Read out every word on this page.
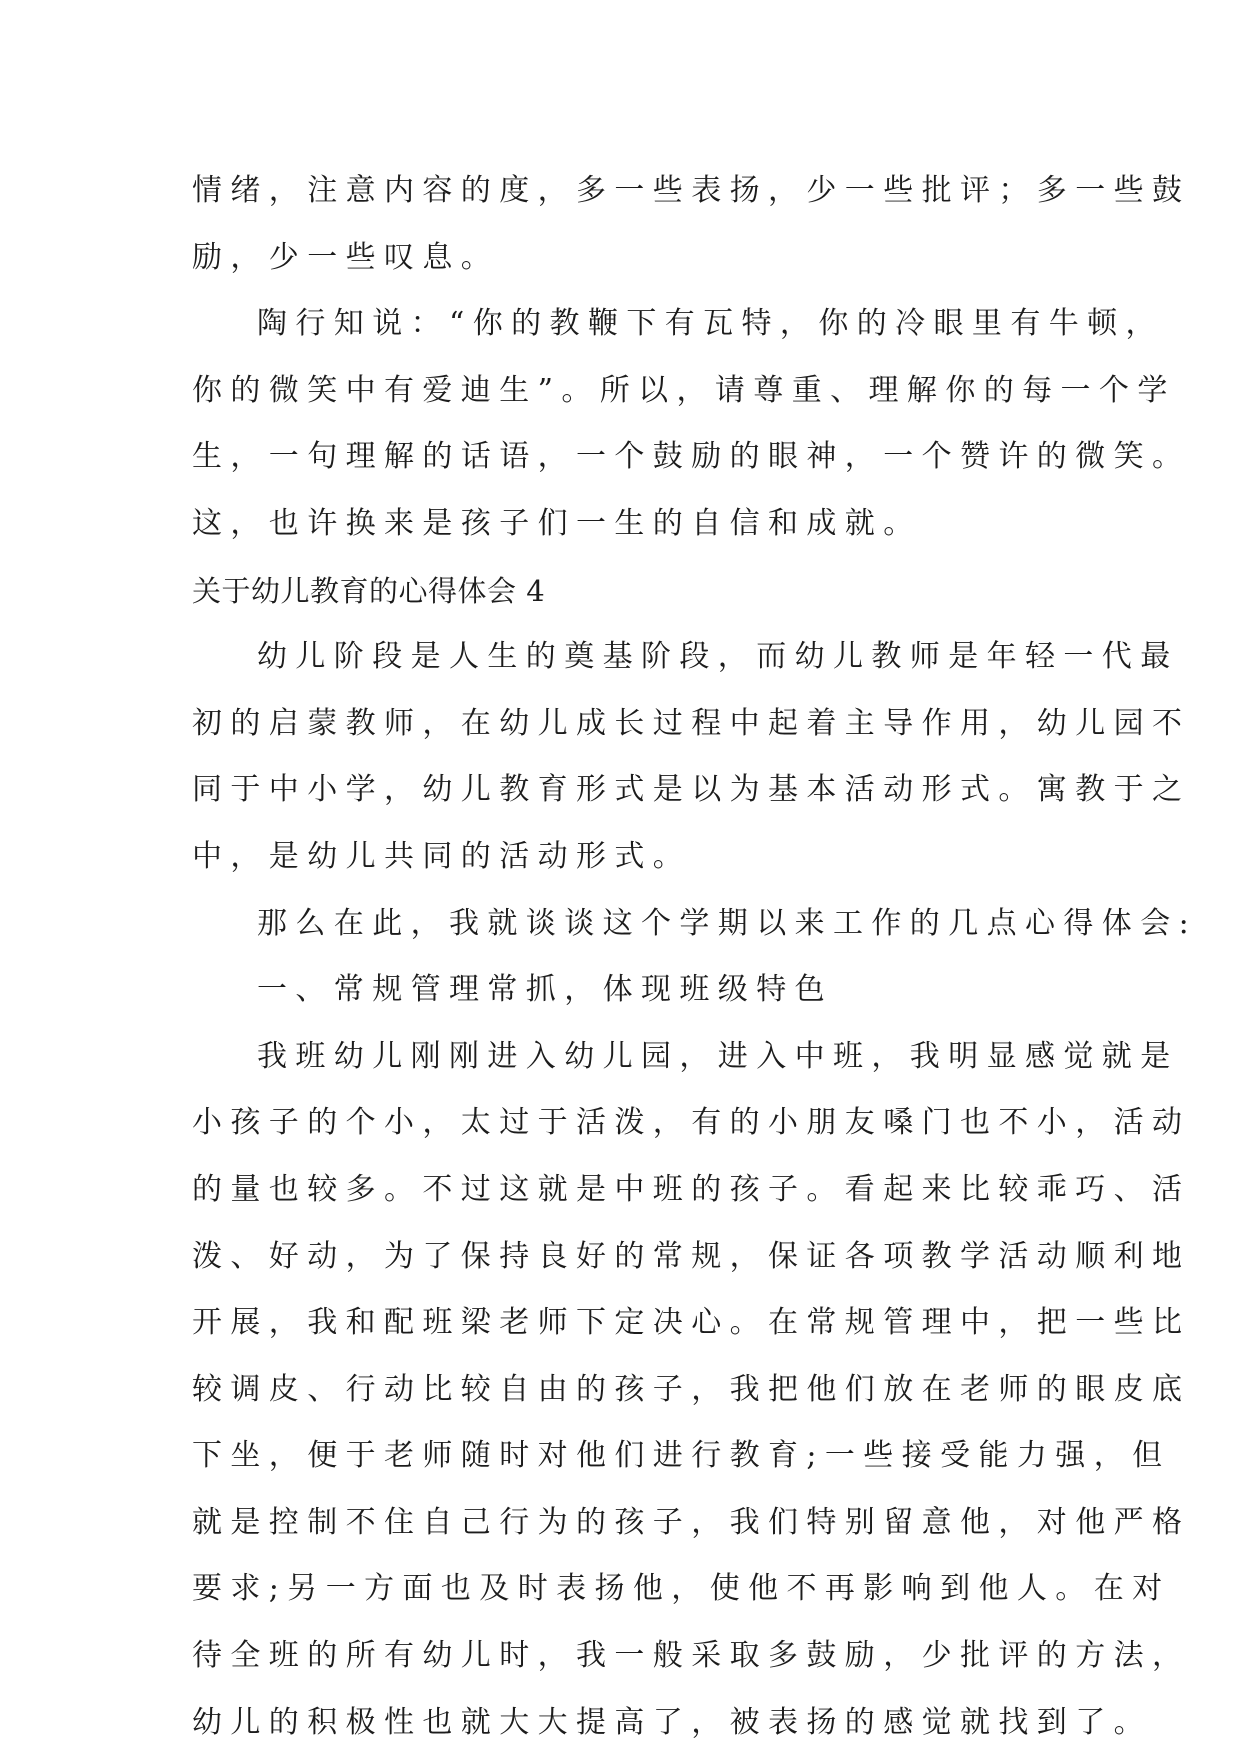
情绪，注意内容的度，多一些表扬，少一些批评；多一些鼓
励，少一些叹息。
陶行知说：“你的教鞭下有瓦特，你的冷眼里有牛顿，
你的微笑中有爱迪生”。所以，请尊重、理解你的每一个学
生，一句理解的话语，一个鼓励的眼神，一个赞许的微笑。
这，也许换来是孩子们一生的自信和成就。
关于幼儿教育的心得体会 4
幼儿阶段是人生的奠基阶段，而幼儿教师是年轻一代最
初的启蒙教师，在幼儿成长过程中起着主导作用，幼儿园不
同于中小学，幼儿教育形式是以为基本活动形式。寓教于之
中，是幼儿共同的活动形式。
那么在此，我就谈谈这个学期以来工作的几点心得体会:
一、常规管理常抓，体现班级特色
我班幼儿刚刚进入幼儿园，进入中班，我明显感觉就是
小孩子的个小，太过于活泼，有的小朋友嗓门也不小，活动
的量也较多。不过这就是中班的孩子。看起来比较乖巧、活
泼、好动，为了保持良好的常规，保证各项教学活动顺利地
开展，我和配班梁老师下定决心。在常规管理中，把一些比
较调皮、行动比较自由的孩子，我把他们放在老师的眼皮底
下坐，便于老师随时对他们进行教育;一些接受能力强，但
就是控制不住自己行为的孩子，我们特别留意他，对他严格
要求;另一方面也及时表扬他，使他不再影响到他人。在对
待全班的所有幼儿时，我一般采取多鼓励，少批评的方法，
幼儿的积极性也就大大提高了，被表扬的感觉就找到了。
